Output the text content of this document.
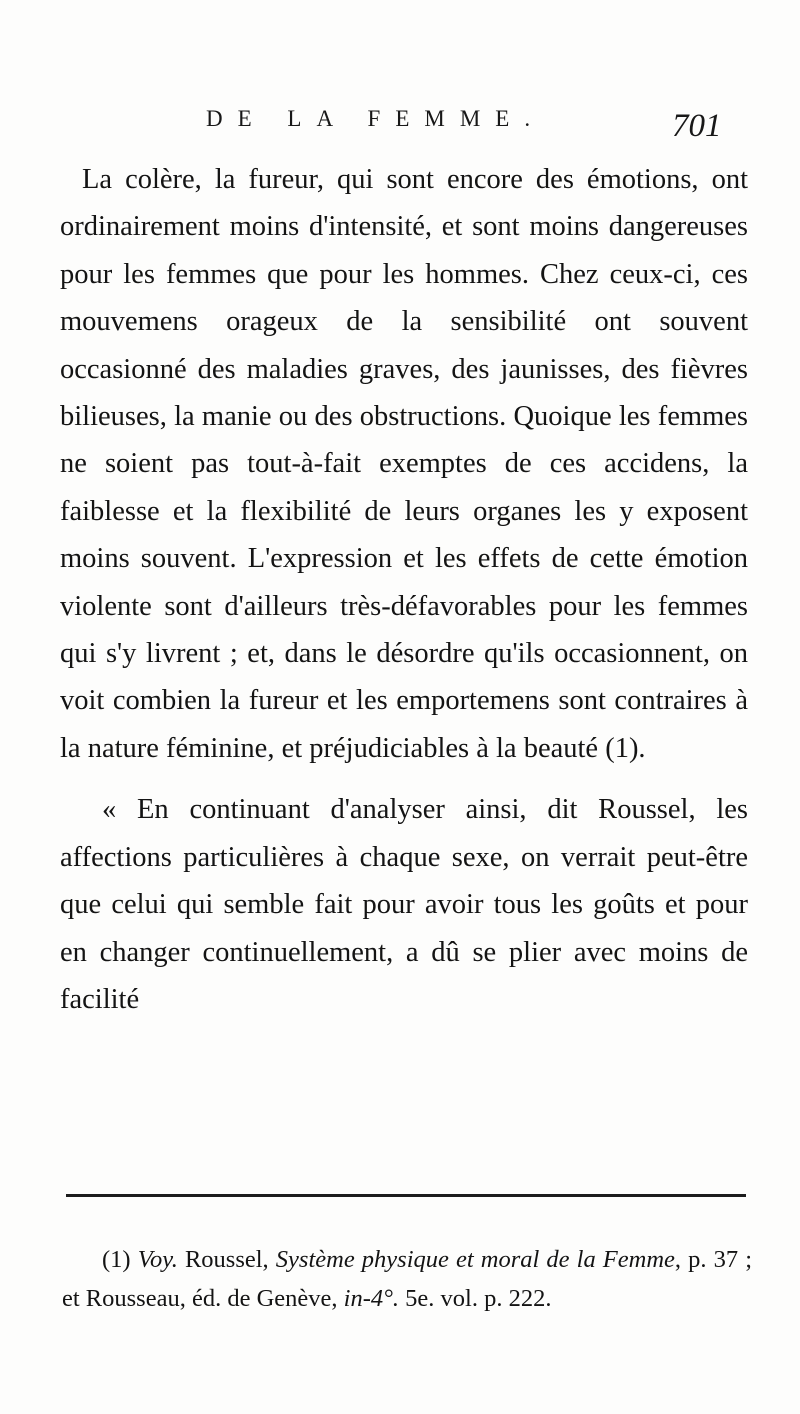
DE LA FEMME.	701

La colère, la fureur, qui sont encore des émotions, ont ordinairement moins d'intensité, et sont moins dangereuses pour les femmes que pour les hommes. Chez ceux-ci, ces mouvemens orageux de la sensibilité ont souvent occasionné des maladies graves, des jaunisses, des fièvres bilieuses, la manie ou des obstructions. Quoique les femmes ne soient pas tout-à-fait exemptes de ces accidens, la faiblesse et la flexibilité de leurs organes les y exposent moins souvent. L'expression et les effets de cette émotion violente sont d'ailleurs très-défavorables pour les femmes qui s'y livrent ; et, dans le désordre qu'ils occasionnent, on voit combien la fureur et les emportemens sont contraires à la nature féminine, et préjudiciables à la beauté (1).

« En continuant d'analyser ainsi, dit Roussel, les affections particulières à chaque sexe, on verrait peut-être que celui qui semble fait pour avoir tous les goûts et pour en changer continuellement, a dû se plier avec moins de facilité

(1) Voy. Roussel, Système physique et moral de la Femme, p. 37 ; et Rousseau, éd. de Genève, in-4°. 5e. vol. p. 222.
